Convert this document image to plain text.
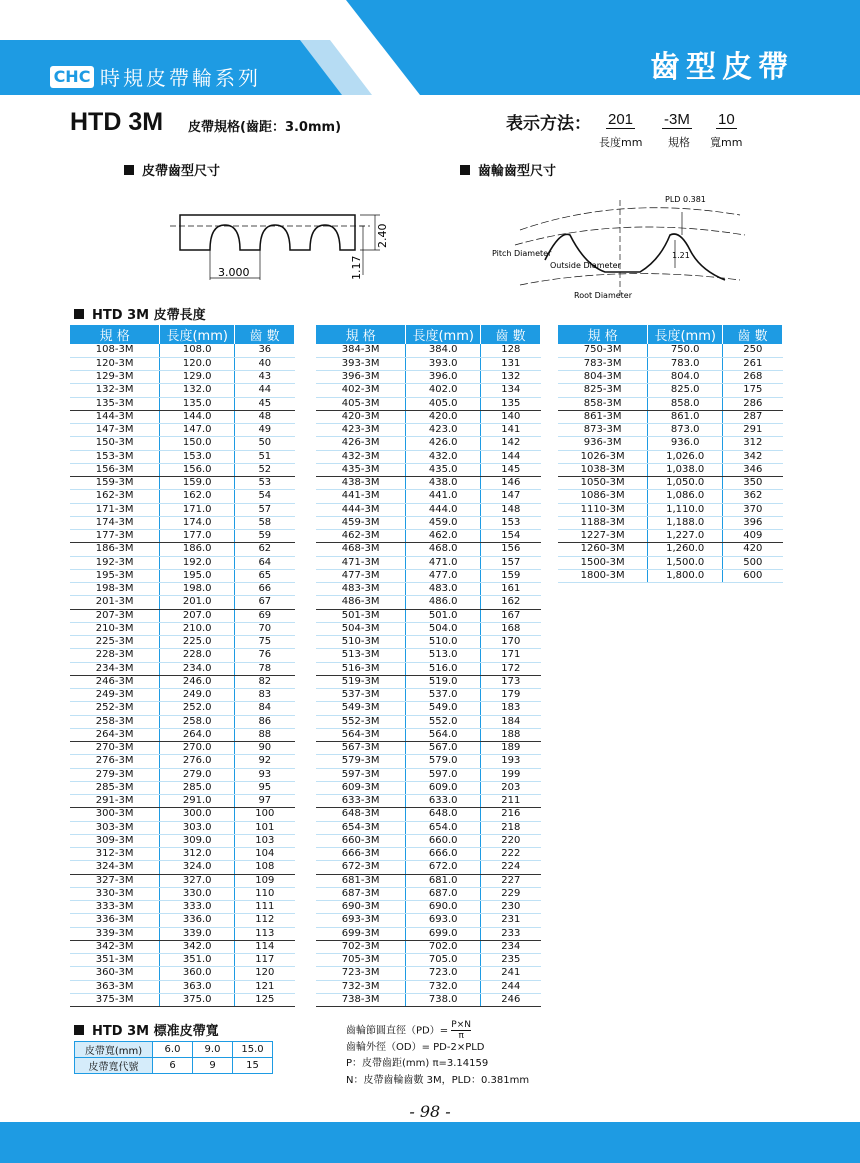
CHC 時規皮帶輪系列	齒型皮帶
HTD 3M 皮帶規格(齒距：3.0mm)	表示方法： 201 -3M 10
長度mm 規格 寬mm
皮帶齒型尺寸	齒輪齒型尺寸
3.000
2.40
1.17
PLD 0.381
Pitch Diameter
Outside Diameter
Root Diameter
1.21
HTD 3M 皮帶長度
規 格	長度(mm)	齒 數
108-3M	108.0	36
120-3M	120.0	40
129-3M	129.0	43
132-3M	132.0	44
135-3M	135.0	45
144-3M	144.0	48
147-3M	147.0	49
150-3M	150.0	50
153-3M	153.0	51
156-3M	156.0	52
159-3M	159.0	53
162-3M	162.0	54
171-3M	171.0	57
174-3M	174.0	58
177-3M	177.0	59
186-3M	186.0	62
192-3M	192.0	64
195-3M	195.0	65
198-3M	198.0	66
201-3M	201.0	67
207-3M	207.0	69
210-3M	210.0	70
225-3M	225.0	75
228-3M	228.0	76
234-3M	234.0	78
246-3M	246.0	82
249-3M	249.0	83
252-3M	252.0	84
258-3M	258.0	86
264-3M	264.0	88
270-3M	270.0	90
276-3M	276.0	92
279-3M	279.0	93
285-3M	285.0	95
291-3M	291.0	97
300-3M	300.0	100
303-3M	303.0	101
309-3M	309.0	103
312-3M	312.0	104
324-3M	324.0	108
327-3M	327.0	109
330-3M	330.0	110
333-3M	333.0	111
336-3M	336.0	112
339-3M	339.0	113
342-3M	342.0	114
351-3M	351.0	117
360-3M	360.0	120
363-3M	363.0	121
375-3M	375.0	125
規 格	長度(mm)	齒 數
384-3M	384.0	128
393-3M	393.0	131
396-3M	396.0	132
402-3M	402.0	134
405-3M	405.0	135
420-3M	420.0	140
423-3M	423.0	141
426-3M	426.0	142
432-3M	432.0	144
435-3M	435.0	145
438-3M	438.0	146
441-3M	441.0	147
444-3M	444.0	148
459-3M	459.0	153
462-3M	462.0	154
468-3M	468.0	156
471-3M	471.0	157
477-3M	477.0	159
483-3M	483.0	161
486-3M	486.0	162
501-3M	501.0	167
504-3M	504.0	168
510-3M	510.0	170
513-3M	513.0	171
516-3M	516.0	172
519-3M	519.0	173
537-3M	537.0	179
549-3M	549.0	183
552-3M	552.0	184
564-3M	564.0	188
567-3M	567.0	189
579-3M	579.0	193
597-3M	597.0	199
609-3M	609.0	203
633-3M	633.0	211
648-3M	648.0	216
654-3M	654.0	218
660-3M	660.0	220
666-3M	666.0	222
672-3M	672.0	224
681-3M	681.0	227
687-3M	687.0	229
690-3M	690.0	230
693-3M	693.0	231
699-3M	699.0	233
702-3M	702.0	234
705-3M	705.0	235
723-3M	723.0	241
732-3M	732.0	244
738-3M	738.0	246
規 格	長度(mm)	齒 數
750-3M	750.0	250
783-3M	783.0	261
804-3M	804.0	268
825-3M	825.0	175
858-3M	858.0	286
861-3M	861.0	287
873-3M	873.0	291
936-3M	936.0	312
1026-3M	1,026.0	342
1038-3M	1,038.0	346
1050-3M	1,050.0	350
1086-3M	1,086.0	362
1110-3M	1,110.0	370
1188-3M	1,188.0	396
1227-3M	1,227.0	409
1260-3M	1,260.0	420
1500-3M	1,500.0	500
1800-3M	1,800.0	600
HTD 3M 標准皮帶寬
皮帶寬(mm)	6.0	9.0	15.0
皮帶寬代號	6	9	15
齒輪節圓直徑$(PD)= \frac{P\times N}{\pi}$
齒輪外徑（OD）= PD-2×PLD
P：皮帶齒距(mm) π=3.14159
N：皮帶齒輪齒數 3M，PLD：0.381mm
- 98 -
